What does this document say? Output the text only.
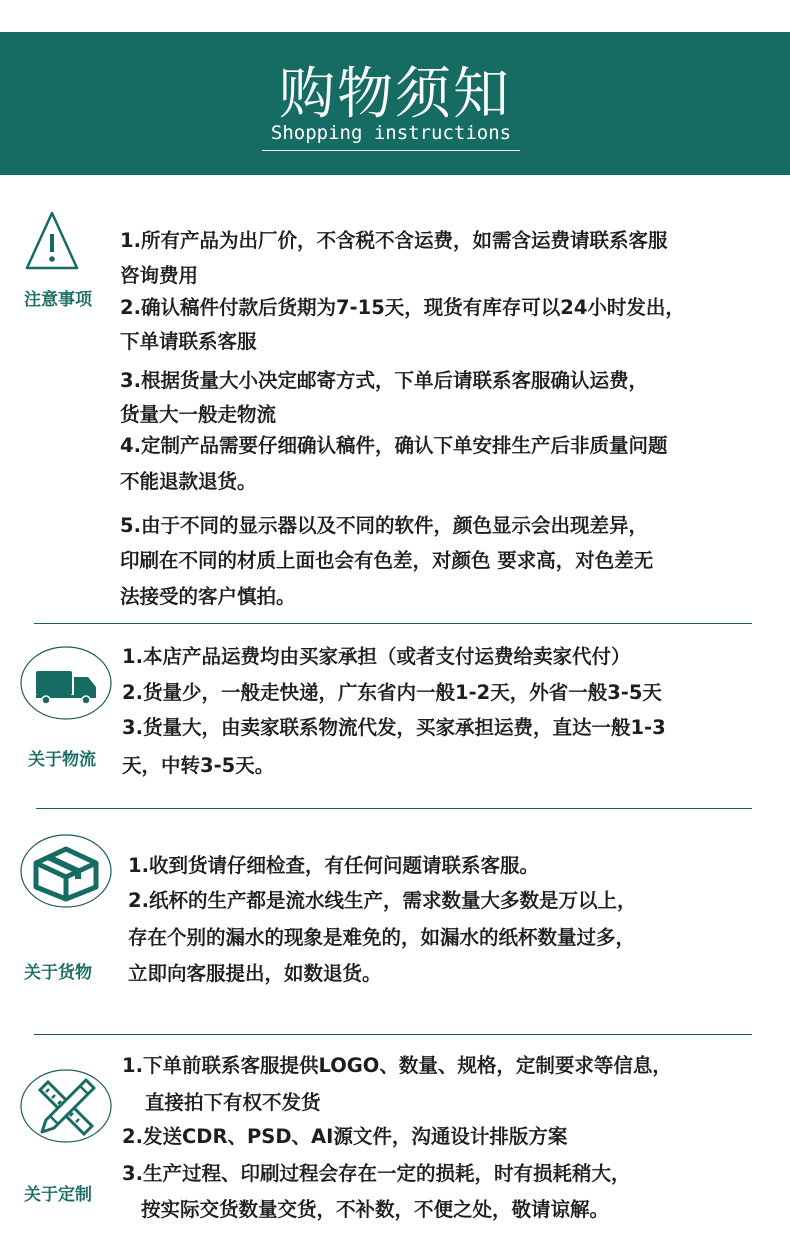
购物须知
Shopping instructions
注意事项
1.所有产品为出厂价，不含税不含运费，如需含运费请联系客服
咨询费用
2.确认稿件付款后货期为7-15天，现货有库存可以24小时发出，
下单请联系客服
3.根据货量大小决定邮寄方式，下单后请联系客服确认运费，
货量大一般走物流
4.定制产品需要仔细确认稿件，确认下单安排生产后非质量问题
不能退款退货。
5.由于不同的显示器以及不同的软件，颜色显示会出现差异，
印刷在不同的材质上面也会有色差，对颜色 要求高，对色差无
法接受的客户慎拍。
关于物流
1.本店产品运费均由买家承担（或者支付运费给卖家代付）
2.货量少，一般走快递，广东省内一般1-2天，外省一般3-5天
3.货量大，由卖家联系物流代发，买家承担运费，直达一般1-3
天，中转3-5天。
关于货物
1.收到货请仔细检查，有任何问题请联系客服。
2.纸杯的生产都是流水线生产，需求数量大多数是万以上，
存在个别的漏水的现象是难免的，如漏水的纸杯数量过多，
立即向客服提出，如数退货。
关于定制
1.下单前联系客服提供LOGO、数量、规格，定制要求等信息，
直接拍下有权不发货
2.发送CDR、PSD、AI源文件，沟通设计排版方案
3.生产过程、印刷过程会存在一定的损耗，时有损耗稍大，
按实际交货数量交货，不补数，不便之处，敬请谅解。
